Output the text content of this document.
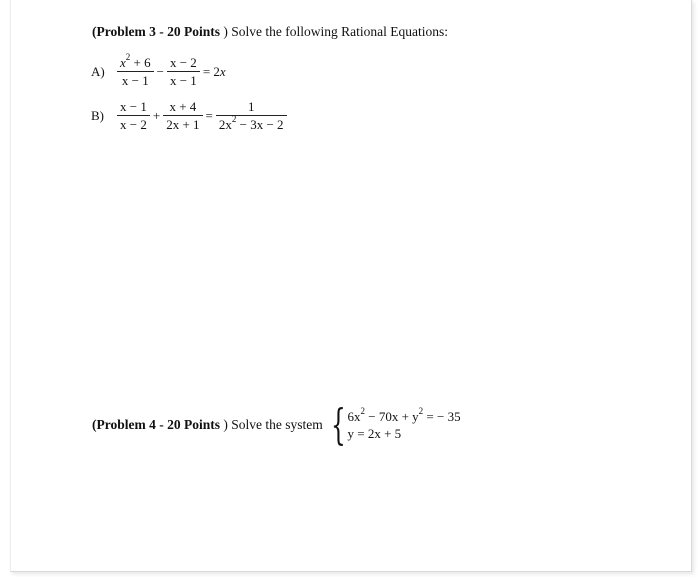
(Problem 3 - 20 Points ) Solve the following Rational Equations:
$A) \frac{x^2 + 6}{x - 1} - \frac{x - 2}{x - 1} = 2x$
B)	$\frac{x - 1}{x - 2} + \frac{x + 4}{2x + 1} = \frac{1}{2x^2 - 3x - 2}$
(Problem 4 - 20 Points ) Solve the system { $6x^2 - 70x + y^2$ = − 35
y = 2x + 5
